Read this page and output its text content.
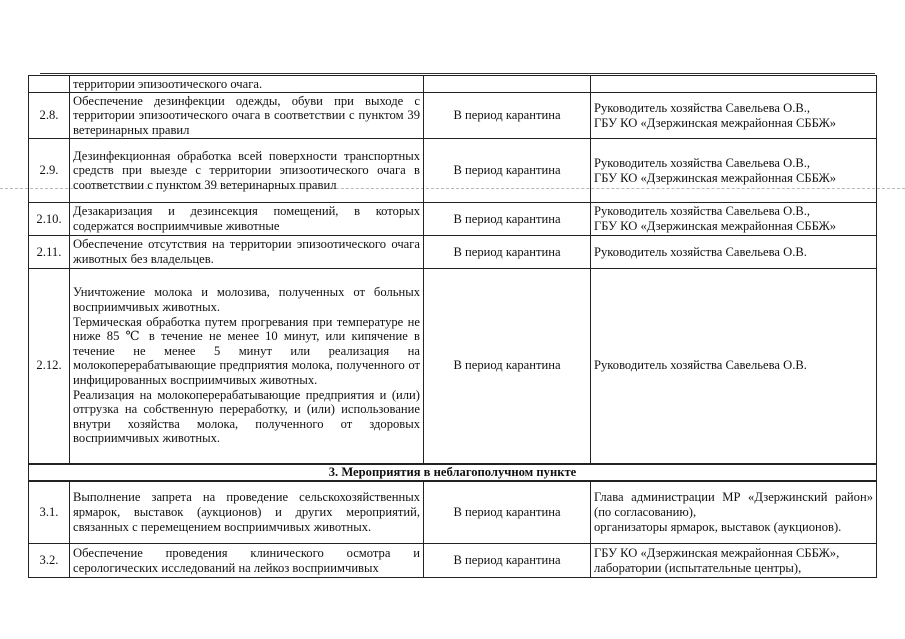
	территории эпизоотического очага.		

2.8.	Обеспечение дезинфекции одежды, обуви при выходе с территории эпизоотического очага в соответствии с пунктом 39 ветеринарных правил	В период карантина	Руководитель хозяйства Савельева О.В.,
ГБУ КО «Дзержинская межрайонная СББЖ»

2.9.	Дезинфекционная обработка всей поверхности транспортных средств при выезде с территории эпизоотического очага в соответствии с пунктом 39 ветеринарных правил	В период карантина	Руководитель хозяйства Савельева О.В.,
ГБУ КО «Дзержинская межрайонная СББЖ»

2.10.	Дезакаризация и дезинсекция помещений, в которых содержатся восприимчивые животные	В период карантина	Руководитель хозяйства Савельева О.В.,
ГБУ КО «Дзержинская межрайонная СББЖ»

2.11.	Обеспечение отсутствия на территории эпизоотического очага животных без владельцев.	В период карантина	Руководитель хозяйства Савельева О.В.

2.12.	Уничтожение молока и молозива, полученных от больных восприимчивых животных.
Термическая обработка путем прогревания при температуре не ниже 85 ℃ в течение не менее 10 минут, или кипячение в течение не менее 5 минут или реализация на молокоперерабатывающие предприятия молока, полученного от инфицированных восприимчивых животных.
Реализация на молокоперерабатывающие предприятия и (или) отгрузка на собственную переработку, и (или) использование внутри хозяйства молока, полученного от здоровых восприимчивых животных.	В период карантина	Руководитель хозяйства Савельева О.В.

3. Мероприятия в неблагополучном пункте			
3.1.	Выполнение запрета на проведение сельскохозяйственных ярмарок, выставок (аукционов) и других мероприятий, связанных с перемещением восприимчивых животных.	В период карантина	Глава администрации МР «Дзержинский район» (по согласованию),
организаторы ярмарок, выставок (аукционов).

3.2.	Обеспечение проведения клинического осмотра и серологических исследований на лейкоз восприимчивых	В период карантина	ГБУ КО «Дзержинская межрайонная СББЖ»,
лаборатории (испытательные центры),
